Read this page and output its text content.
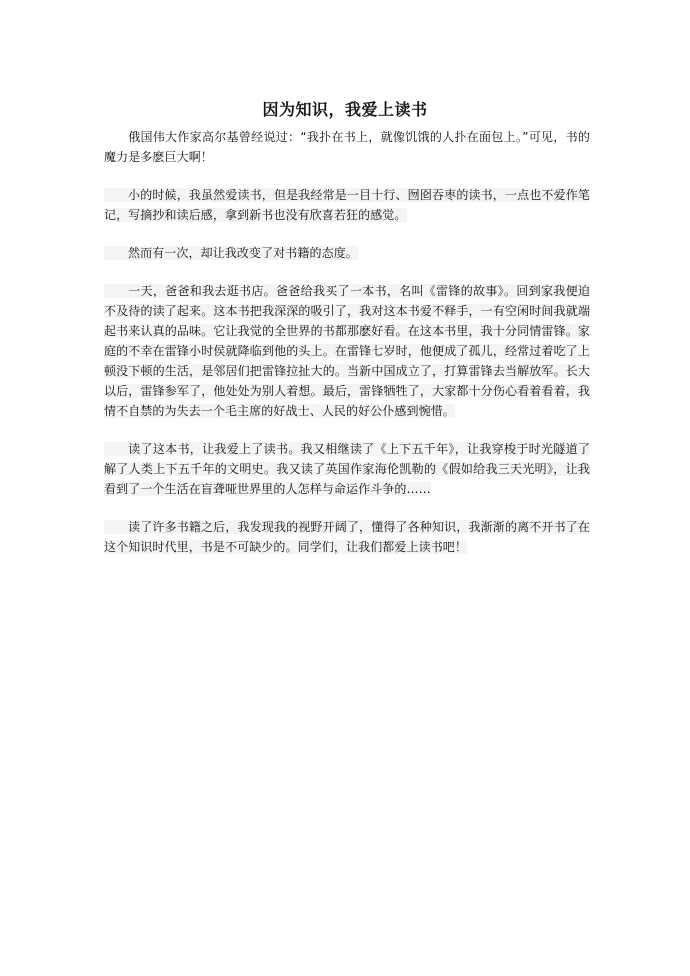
因为知识，我爱上读书

俄国伟大作家高尔基曾经说过：“我扑在书上，就像饥饿的人扑在面包上。”可见，书的魔力是多麽巨大啊！

小的时候，我虽然爱读书，但是我经常是一目十行、囫囵吞枣的读书，一点也不爱作笔记，写摘抄和读后感，拿到新书也没有欣喜若狂的感觉。

然而有一次，却让我改变了对书籍的态度。

一天，爸爸和我去逛书店。爸爸给我买了一本书，名叫《雷锋的故事》。回到家我便迫不及待的读了起来。这本书把我深深的吸引了，我对这本书爱不释手，一有空闲时间我就端起书来认真的品味。它让我觉的全世界的书都那麽好看。在这本书里，我十分同情雷锋。家庭的不幸在雷锋小时侯就降临到他的头上。在雷锋七岁时，他便成了孤儿，经常过着吃了上顿没下顿的生活，是邻居们把雷锋拉扯大的。当新中国成立了，打算雷锋去当解放军。长大以后，雷锋参军了，他处处为别人着想。最后，雷锋牺牲了，大家都十分伤心看着看着，我情不自禁的为失去一个毛主席的好战士、人民的好公仆感到惋惜。

读了这本书，让我爱上了读书。我又相继读了《上下五千年》，让我穿梭于时光隧道了解了人类上下五千年的文明史。我又读了英国作家海伦凯勒的《假如给我三天光明》，让我看到了一个生活在盲聋哑世界里的人怎样与命运作斗争的……

读了许多书籍之后，我发现我的视野开阔了，懂得了各种知识，我渐渐的离不开书了在这个知识时代里，书是不可缺少的。同学们，让我们都爱上读书吧！
